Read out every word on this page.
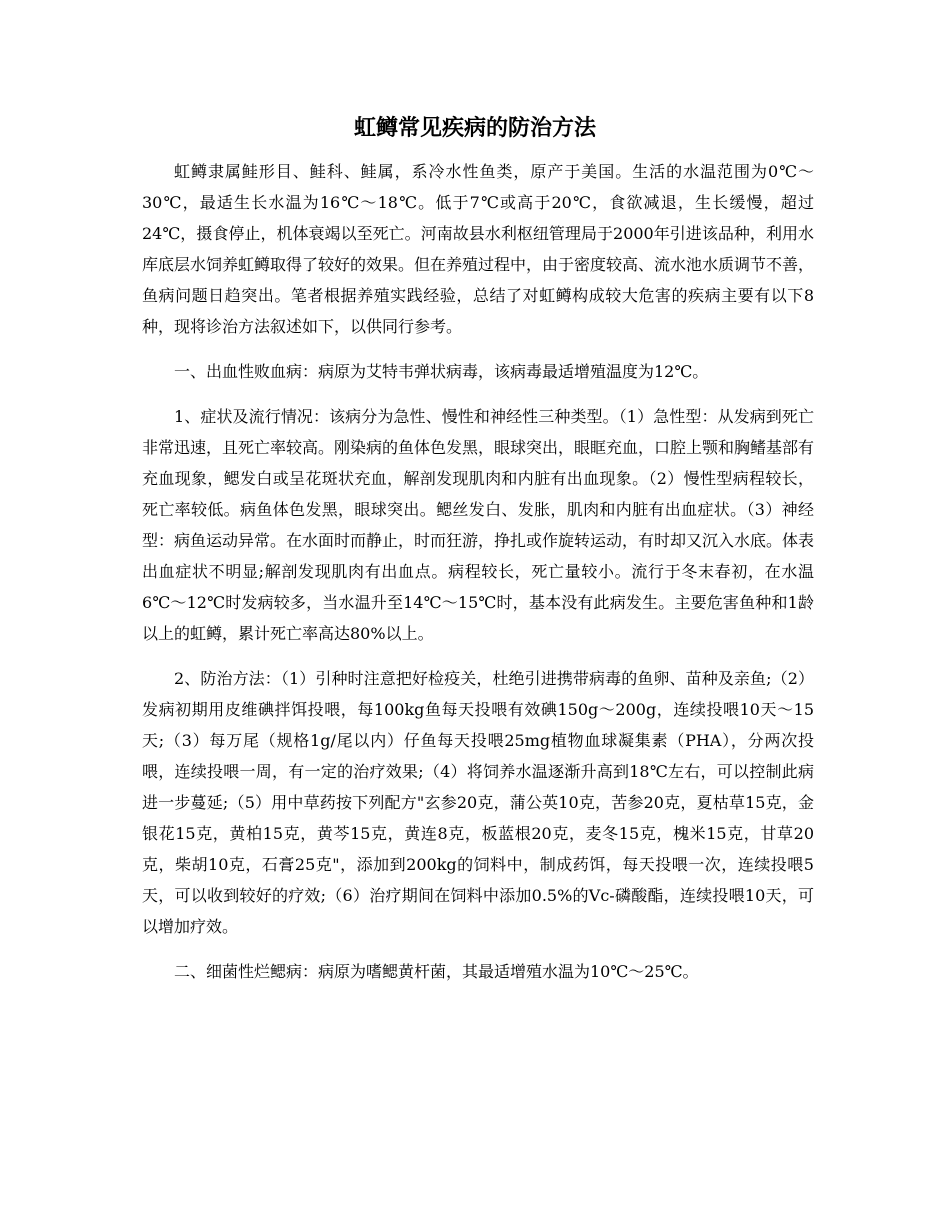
虹鳟常见疾病的防治方法

虹鳟隶属鲑形目、鲑科、鲑属，系冷水性鱼类，原产于美国。生活的水温范围为0℃～30℃，最适生长水温为16℃～18℃。低于7℃或高于20℃，食欲减退，生长缓慢，超过24℃，摄食停止，机体衰竭以至死亡。河南故县水利枢纽管理局于2000年引进该品种，利用水库底层水饲养虹鳟取得了较好的效果。但在养殖过程中，由于密度较高、流水池水质调节不善，鱼病问题日趋突出。笔者根据养殖实践经验，总结了对虹鳟构成较大危害的疾病主要有以下8种，现将诊治方法叙述如下，以供同行参考。

一、出血性败血病：病原为艾特韦弹状病毒，该病毒最适增殖温度为12℃。

1、症状及流行情况：该病分为急性、慢性和神经性三种类型。（1）急性型：从发病到死亡非常迅速，且死亡率较高。刚染病的鱼体色发黑，眼球突出，眼眶充血，口腔上颚和胸鳍基部有充血现象，鳃发白或呈花斑状充血，解剖发现肌肉和内脏有出血现象。（2）慢性型病程较长，死亡率较低。病鱼体色发黑，眼球突出。鳃丝发白、发胀，肌肉和内脏有出血症状。（3）神经型：病鱼运动异常。在水面时而静止，时而狂游，挣扎或作旋转运动，有时却又沉入水底。体表出血症状不明显;解剖发现肌肉有出血点。病程较长，死亡量较小。流行于冬末春初，在水温6℃～12℃时发病较多，当水温升至14℃～15℃时，基本没有此病发生。主要危害鱼种和1龄以上的虹鳟，累计死亡率高达80%以上。

2、防治方法：（1）引种时注意把好检疫关，杜绝引进携带病毒的鱼卵、苗种及亲鱼;（2）发病初期用皮维碘拌饵投喂，每100kg鱼每天投喂有效碘150g～200g，连续投喂10天～15天;（3）每万尾（规格1g/尾以内）仔鱼每天投喂25mg植物血球凝集素（PHA），分两次投喂，连续投喂一周，有一定的治疗效果;（4）将饲养水温逐渐升高到18℃左右，可以控制此病进一步蔓延;（5）用中草药按下列配方"玄参20克，蒲公英10克，苦参20克，夏枯草15克，金银花15克，黄柏15克，黄芩15克，黄连8克，板蓝根20克，麦冬15克，槐米15克，甘草20克，柴胡10克，石膏25克"，添加到200kg的饲料中，制成药饵，每天投喂一次，连续投喂5天，可以收到较好的疗效;（6）治疗期间在饲料中添加0.5%的Vc-磷酸酯，连续投喂10天，可以增加疗效。

二、细菌性烂鳃病：病原为嗜鳃黄杆菌，其最适增殖水温为10℃～25℃。
